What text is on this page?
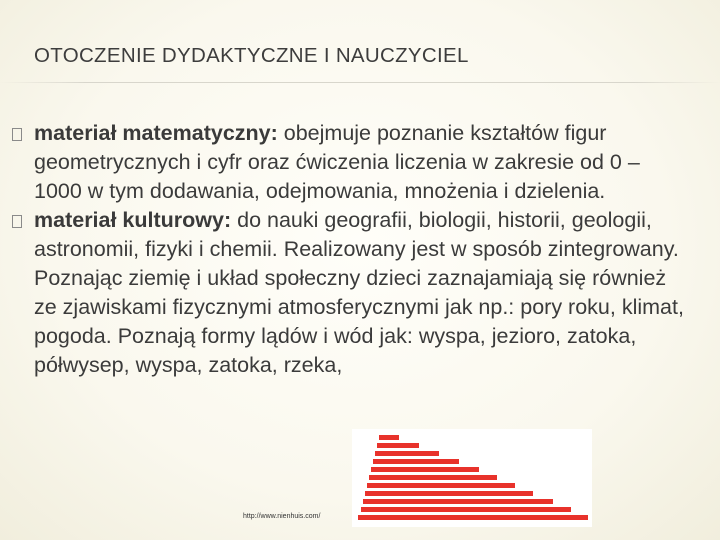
OTOCZENIE DYDAKTYCZNE I NAUCZYCIEL
materiał matematyczny: obejmuje poznanie kształtów figur geometrycznych i cyfr oraz ćwiczenia liczenia w zakresie od 0 – 1000 w tym dodawania, odejmowania, mnożenia i dzielenia.
materiał kulturowy: do nauki geografii, biologii, historii, geologii, astronomii, fizyki i chemii. Realizowany jest w sposób zintegrowany. Poznając ziemię i układ społeczny dzieci zaznajamiają się również ze zjawiskami fizycznymi atmosferycznymi jak np.: pory roku, klimat, pogoda. Poznają formy lądów i wód jak: wyspa, jezioro, zatoka, półwysep, wyspa, zatoka, rzeka,
http://www.nienhuis.com/
